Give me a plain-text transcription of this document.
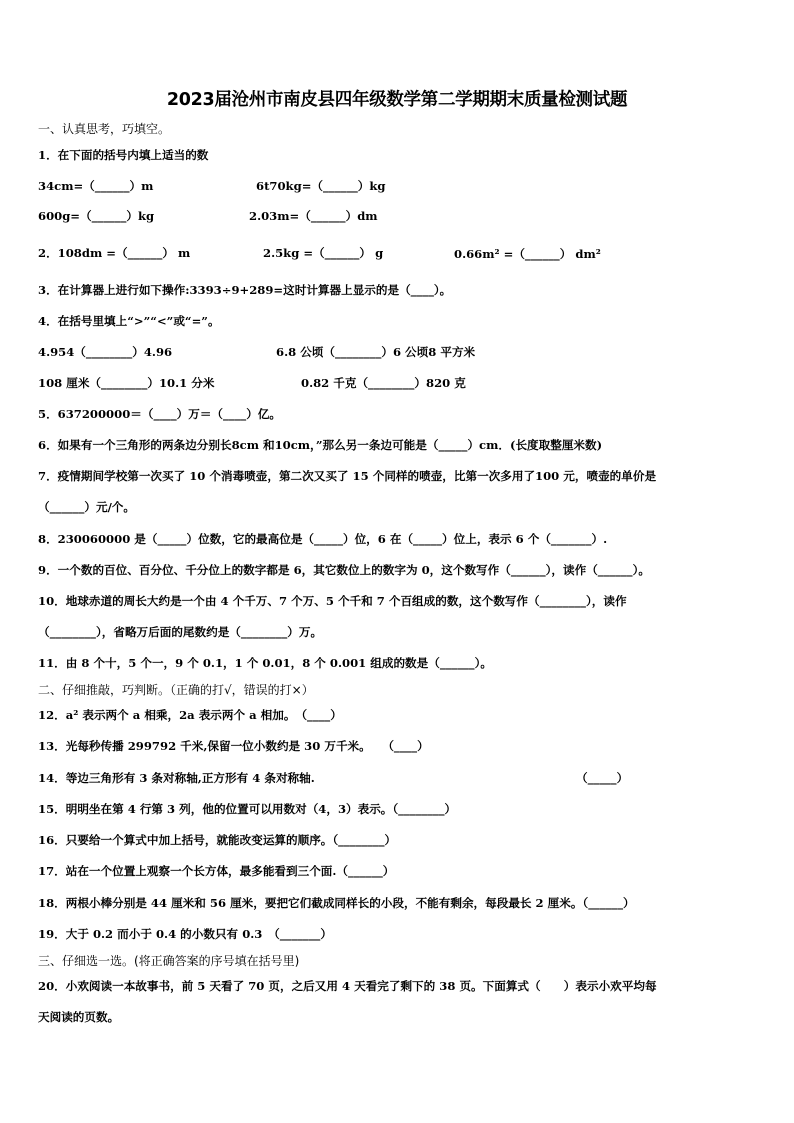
2023届沧州市南皮县四年级数学第二学期期末质量检测试题
一、认真思考，巧填空。
1．在下面的括号内填上适当的数
34cm=（______）m	6t70kg=（______）kg
600g=（______）kg	2.03m=（______）dm
2．108dm =（______） m	2.5kg =（______） g	0.66m² =（______） dm²
3．在计算器上进行如下操作:3393÷9+289=这时计算器上显示的是（____）。
4．在括号里填上“>”“<”或“=”。
4.954（________）4.96	6.8 公顷（________）6 公顷8 平方米
108 厘米（________）10.1 分米	0.82 千克（________）820 克
5．637200000＝（____）万＝（____）亿。
6．如果有一个三角形的两条边分别长8cm 和10cm，”那么另一条边可能是（_____）cm．(长度取整厘米数)
7．疫情期间学校第一次买了 10 个消毒喷壶，第二次又买了 15 个同样的喷壶，比第一次多用了100 元，喷壶的单价是
（______）元/个。
8．230060000 是（_____）位数，它的最高位是（_____）位，6 在（_____）位上，表示 6 个（_______）.
9．一个数的百位、百分位、千分位上的数字都是 6，其它数位上的数字为 0，这个数写作（______），读作（______）。
10．地球赤道的周长大约是一个由 4 个千万、7 个万、5 个千和 7 个百组成的数，这个数写作（________），读作
（________），省略万后面的尾数约是（________）万。
11．由 8 个十，5 个一，9 个 0.1，1 个 0.01，8 个 0.001 组成的数是（______）。
二、仔细推敲，巧判断。（正确的打√，错误的打×）
12．a² 表示两个 a 相乘，2a 表示两个 a 相加。　（____）
13．光每秒传播 299792 千米,保留一位小数约是 30 万千米。　　（____）
14．等边三角形有 3 条对称轴,正方形有 4 条对称轴.	（_____）
15．明明坐在第 4 行第 3 列，他的位置可以用数对（4，3）表示。（________）
16．只要给一个算式中加上括号，就能改变运算的顺序。（________）
17．站在一个位置上观察一个长方体，最多能看到三个面.（______）
18．两根小棒分别是 44 厘米和 56 厘米，要把它们截成同样长的小段，不能有剩余，每段最长 2 厘米。（______）
19．大于 0.2 而小于 0.4 的小数只有 0.3　（_______）
三、仔细选一选。(将正确答案的序号填在括号里)
20．小欢阅读一本故事书，前 5 天看了 70 页，之后又用 4 天看完了剩下的 38 页。下面算式（　　）表示小欢平均每
天阅读的页数。
